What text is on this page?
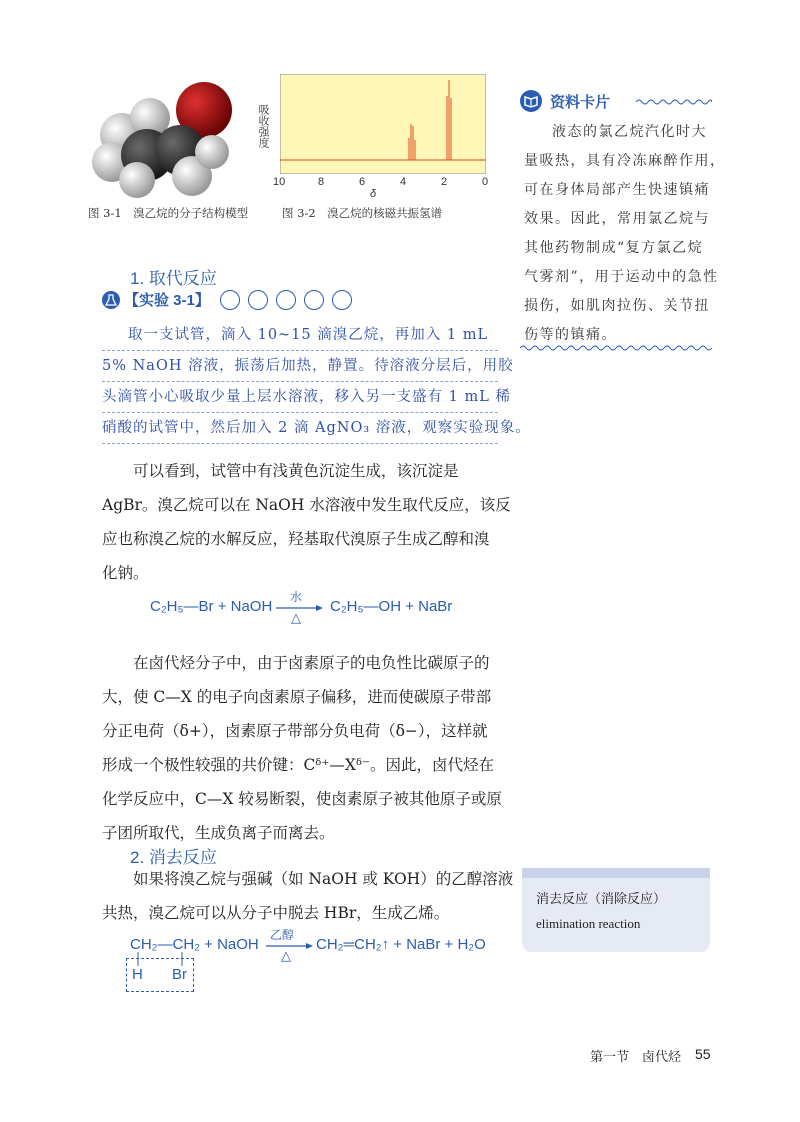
图 3-1　溴乙烷的分子结构模型
吸收强度
10	8	6	4	2	0
δ
图 3-2　溴乙烷的核磁共振氢谱
资料卡片
液态的氯乙烷汽化时大
量吸热，具有冷冻麻醉作用，
可在身体局部产生快速镇痛
效果。因此，常用氯乙烷与
其他药物制成“复方氯乙烷
气雾剂”，用于运动中的急性
损伤，如肌肉拉伤、关节扭
伤等的镇痛。
1. 取代反应
【实验 3-1】

取一支试管，滴入 10~15 滴溴乙烷，再加入 1 mL
5% NaOH 溶液，振荡后加热，静置。待溶液分层后，用胶
头滴管小心吸取少量上层水溶液，移入另一支盛有 1 mL 稀
硝酸的试管中，然后加入 2 滴 AgNO₃ 溶液，观察实验现象。
可以看到，试管中有浅黄色沉淀生成，该沉淀是
AgBr。溴乙烷可以在 NaOH 水溶液中发生取代反应，该反
应也称溴乙烷的水解反应，羟基取代溴原子生成乙醇和溴
化钠。
C₂H₅—Br + NaOH
水
△
C₂H₅—OH + NaBr
在卤代烃分子中，由于卤素原子的电负性比碳原子的
大，使 C—X 的电子向卤素原子偏移，进而使碳原子带部
分正电荷（δ+），卤素原子带部分负电荷（δ−），这样就
形成一个极性较强的共价键：Cᵟ⁺—Xᵟ⁻。因此，卤代烃在
化学反应中，C—X 较易断裂，使卤素原子被其他原子或原
子团所取代，生成负离子而离去。
2. 消去反应
如果将溴乙烷与强碱（如 NaOH 或 KOH）的乙醇溶液
共热，溴乙烷可以从分子中脱去 HBr，生成乙烯。
CH₂—CH₂ + NaOH
乙醇
△
CH₂═CH₂↑ + NaBr + H₂O
H Br
消去反应（消除反应）
elimination reaction
第一节　卤代烃 55
